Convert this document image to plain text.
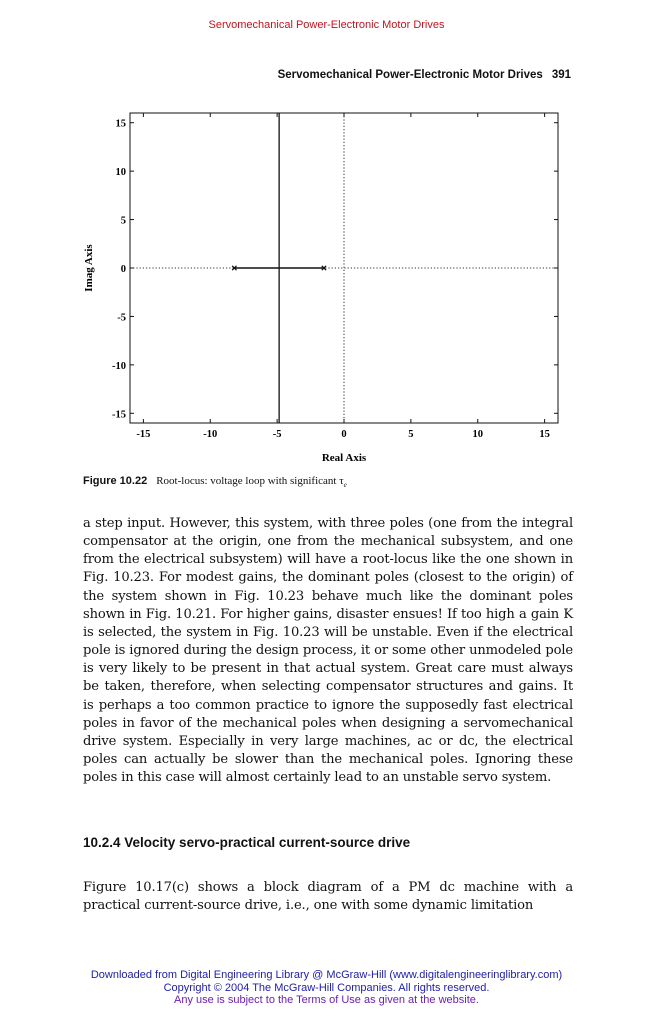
Servomechanical Power-Electronic Motor Drives
Servomechanical Power-Electronic Motor Drives 391
-15	-10	-5	0	5	10	15
15
10
5
0
-5
-10
-15
Real Axis
Imag Axis
Figure 10.22 Root-locus: voltage loop with significant $\tau_e$

a step input. However, this system, with three poles (one from the integral compensator at the origin, one from the mechanical subsystem, and one from the electrical subsystem) will have a root-locus like the one shown in Fig. 10.23. For modest gains, the dominant poles (closest to the origin) of the system shown in Fig. 10.23 behave much like the dominant poles shown in Fig. 10.21. For higher gains, disaster ensues! If too high a gain K is selected, the system in Fig. 10.23 will be unstable. Even if the electrical pole is ignored during the design process, it or some other unmodeled pole is very likely to be present in that actual system. Great care must always be taken, therefore, when selecting compensator structures and gains. It is perhaps a too common practice to ignore the supposedly fast electrical poles in favor of the mechanical poles when designing a servomechanical drive system. Especially in very large machines, ac or dc, the electrical poles can actually be slower than the mechanical poles. Ignoring these poles in this case will almost certainly lead to an unstable servo system.

10.2.4 Velocity servo-practical current-source drive

Figure 10.17(c) shows a block diagram of a PM dc machine with a practical current-source drive, i.e., one with some dynamic limitation

Downloaded from Digital Engineering Library @ McGraw-Hill (www.digitalengineeringlibrary.com)
Copyright © 2004 The McGraw-Hill Companies. All rights reserved.
Any use is subject to the Terms of Use as given at the website.
